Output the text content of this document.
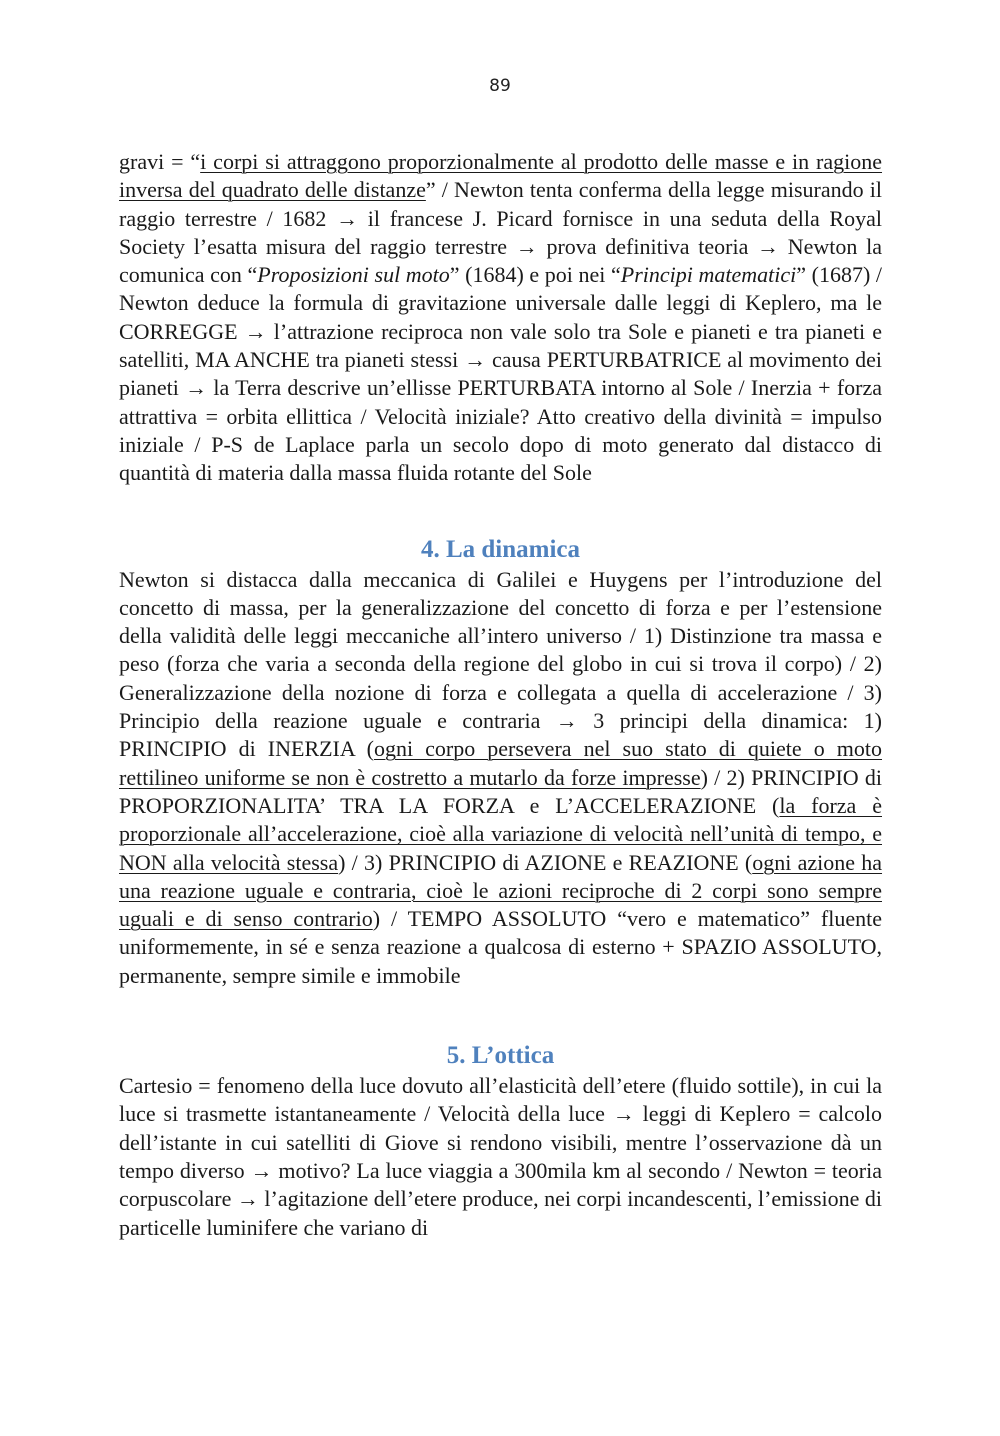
89

gravi = “i corpi si attraggono proporzionalmente al prodotto delle masse e in ragione inversa del quadrato delle distanze” / Newton tenta conferma della legge misurando il raggio terrestre / 1682 → il francese J. Picard fornisce in una seduta della Royal Society l’esatta misura del raggio terrestre → prova definitiva teoria → Newton la comunica con “Proposizioni sul moto” (1684) e poi nei “Principi matematici” (1687) / Newton deduce la formula di gravitazione universale dalle leggi di Keplero, ma le CORREGGE → l’attrazione reciproca non vale solo tra Sole e pianeti e tra pianeti e satelliti, MA ANCHE tra pianeti stessi → causa PERTURBATRICE al movimento dei pianeti → la Terra descrive un’ellisse PERTURBATA intorno al Sole / Inerzia + forza attrattiva = orbita ellittica / Velocità iniziale? Atto creativo della divinità = impulso iniziale / P-S de Laplace parla un secolo dopo di moto generato dal distacco di quantità di materia dalla massa fluida rotante del Sole

4. La dinamica

Newton si distacca dalla meccanica di Galilei e Huygens per l’introduzione del concetto di massa, per la generalizzazione del concetto di forza e per l’estensione della validità delle leggi meccaniche all’intero universo / 1) Distinzione tra massa e peso (forza che varia a seconda della regione del globo in cui si trova il corpo) / 2) Generalizzazione della nozione di forza e collegata a quella di accelerazione / 3) Principio della reazione uguale e contraria → 3 principi della dinamica: 1) PRINCIPIO di INERZIA (ogni corpo persevera nel suo stato di quiete o moto rettilineo uniforme se non è costretto a mutarlo da forze impresse) / 2) PRINCIPIO di PROPORZIONALITA’ TRA LA FORZA e L’ACCELERAZIONE (la forza è proporzionale all’accelerazione, cioè alla variazione di velocità nell’unità di tempo, e NON alla velocità stessa) / 3) PRINCIPIO di AZIONE e REAZIONE (ogni azione ha una reazione uguale e contraria, cioè le azioni reciproche di 2 corpi sono sempre uguali e di senso contrario) / TEMPO ASSOLUTO “vero e matematico” fluente uniformemente, in sé e senza reazione a qualcosa di esterno + SPAZIO ASSOLUTO, permanente, sempre simile e immobile

5. L’ottica

Cartesio = fenomeno della luce dovuto all’elasticità dell’etere (fluido sottile), in cui la luce si trasmette istantaneamente / Velocità della luce → leggi di Keplero = calcolo dell’istante in cui satelliti di Giove si rendono visibili, mentre l’osservazione dà un tempo diverso → motivo? La luce viaggia a 300mila km al secondo / Newton = teoria corpuscolare → l’agitazione dell’etere produce, nei corpi incandescenti, l’emissione di particelle luminifere che variano di
